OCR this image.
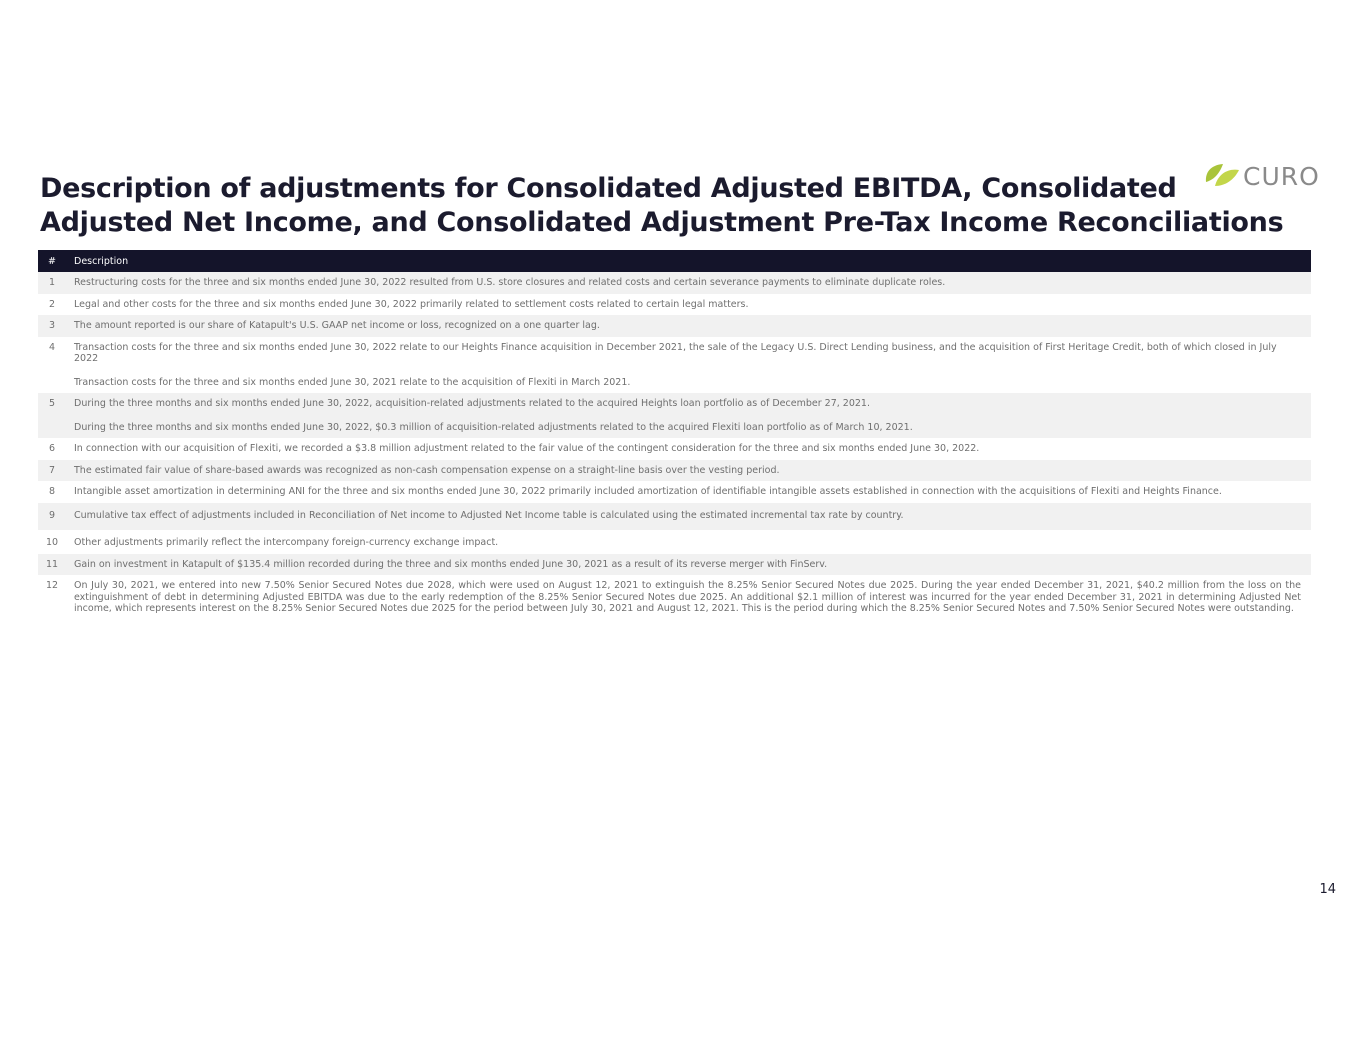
Description of adjustments for Consolidated Adjusted EBITDA, Consolidated
Adjusted Net Income, and Consolidated Adjustment Pre-Tax Income Reconciliations
CURO
#	Description
1	Restructuring costs for the three and six months ended June 30, 2022 resulted from U.S. store closures and related costs and certain severance payments to eliminate duplicate roles.
2	Legal and other costs for the three and six months ended June 30, 2022 primarily related to settlement costs related to certain legal matters.
3	The amount reported is our share of Katapult's U.S. GAAP net income or loss, recognized on a one quarter lag.
4	Transaction costs for the three and six months ended June 30, 2022 relate to our Heights Finance acquisition in December 2021, the sale of the Legacy U.S. Direct Lending business, and the acquisition of First Heritage Credit, both of which closed in July 2022
Transaction costs for the three and six months ended June 30, 2021 relate to the acquisition of Flexiti in March 2021.

5	During the three months and six months ended June 30, 2022, acquisition-related adjustments related to the acquired Heights loan portfolio as of December 27, 2021.
During the three months and six months ended June 30, 2022, $0.3 million of acquisition-related adjustments related to the acquired Flexiti loan portfolio as of March 10, 2021.

6	In connection with our acquisition of Flexiti, we recorded a $3.8 million adjustment related to the fair value of the contingent consideration for the three and six months ended June 30, 2022.
7	The estimated fair value of share-based awards was recognized as non-cash compensation expense on a straight-line basis over the vesting period.
8	Intangible asset amortization in determining ANI for the three and six months ended June 30, 2022 primarily included amortization of identifiable intangible assets established in connection with the acquisitions of Flexiti and Heights Finance.
9	Cumulative tax effect of adjustments included in Reconciliation of Net income to Adjusted Net Income table is calculated using the estimated incremental tax rate by country.
10	Other adjustments primarily reflect the intercompany foreign-currency exchange impact.
11	Gain on investment in Katapult of $135.4 million recorded during the three and six months ended June 30, 2021 as a result of its reverse merger with FinServ.
12	On July 30, 2021, we entered into new 7.50% Senior Secured Notes due 2028, which were used on August 12, 2021 to extinguish the 8.25% Senior Secured Notes due 2025. During the year ended December 31, 2021, $40.2 million from the loss on the extinguishment of debt in determining Adjusted EBITDA was due to the early redemption of the 8.25% Senior Secured Notes due 2025. An additional $2.1 million of interest was incurred for the year ended December 31, 2021 in determining Adjusted Net income, which represents interest on the 8.25% Senior Secured Notes due 2025 for the period between July 30, 2021 and August 12, 2021. This is the period during which the 8.25% Senior Secured Notes and 7.50% Senior Secured Notes were outstanding.
14
